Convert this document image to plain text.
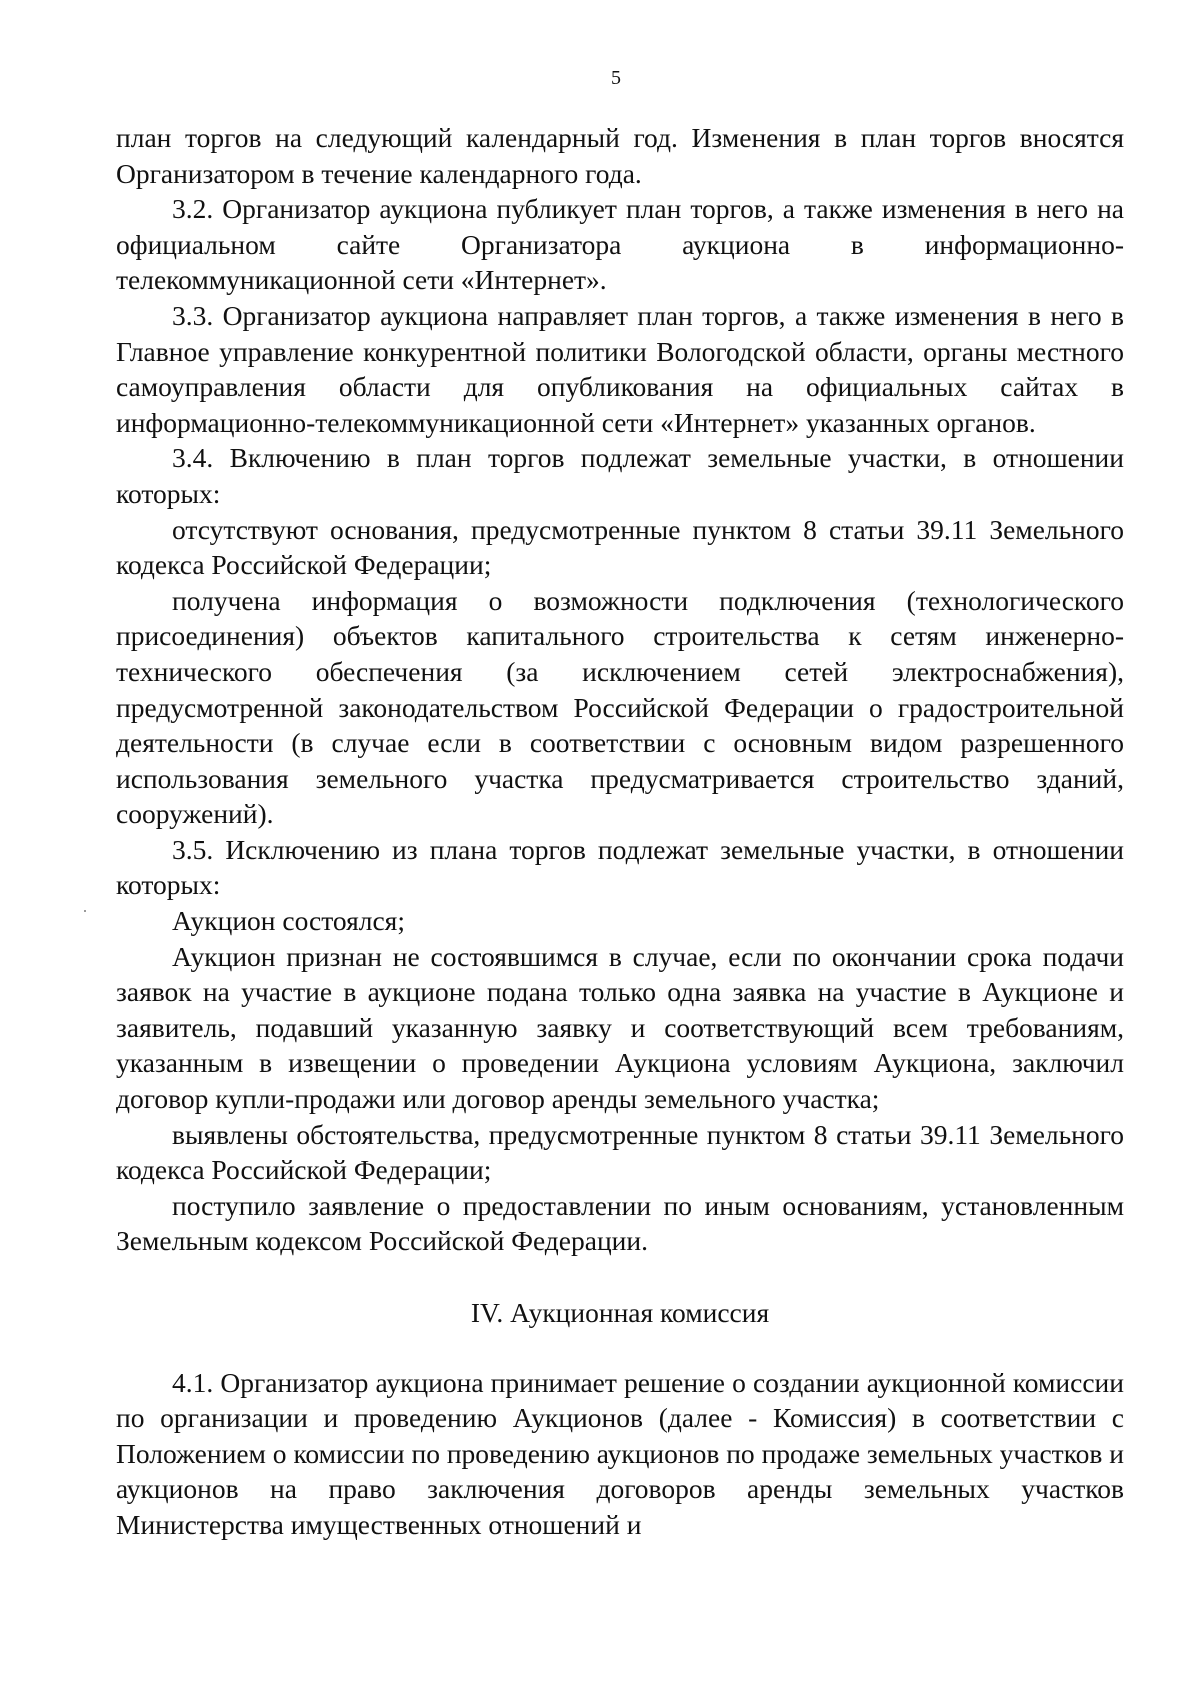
5

план торгов на следующий календарный год. Изменения в план торгов вносятся Организатором в течение календарного года.

3.2. Организатор аукциона публикует план торгов, а также изменения в него на официальном сайте Организатора аукциона в информационно-телекоммуникационной сети «Интернет».

3.3. Организатор аукциона направляет план торгов, а также изменения в него в Главное управление конкурентной политики Вологодской области, органы местного самоуправления области для опубликования на официальных сайтах в информационно-телекоммуникационной сети «Интернет» указанных органов.

3.4. Включению в план торгов подлежат земельные участки, в отношении которых:

отсутствуют основания, предусмотренные пунктом 8 статьи 39.11 Земельного кодекса Российской Федерации;

получена информация о возможности подключения (технологического присоединения) объектов капитального строительства к сетям инженерно-технического обеспечения (за исключением сетей электроснабжения), предусмотренной законодательством Российской Федерации о градостроительной деятельности (в случае если в соответствии с основным видом разрешенного использования земельного участка предусматривается строительство зданий, сооружений).

3.5. Исключению из плана торгов подлежат земельные участки, в отношении которых:

Аукцион состоялся;

Аукцион признан не состоявшимся в случае, если по окончании срока подачи заявок на участие в аукционе подана только одна заявка на участие в Аукционе и заявитель, подавший указанную заявку и соответствующий всем требованиям, указанным в извещении о проведении Аукциона условиям Аукциона, заключил договор купли-продажи или договор аренды земельного участка;

выявлены обстоятельства, предусмотренные пунктом 8 статьи 39.11 Земельного кодекса Российской Федерации;

поступило заявление о предоставлении по иным основаниям, установленным Земельным кодексом Российской Федерации.

IV. Аукционная комиссия

4.1. Организатор аукциона принимает решение о создании аукционной комиссии по организации и проведению Аукционов (далее - Комиссия) в соответствии с Положением о комиссии по проведению аукционов по продаже земельных участков и аукционов на право заключения договоров аренды земельных участков Министерства имущественных отношений и
